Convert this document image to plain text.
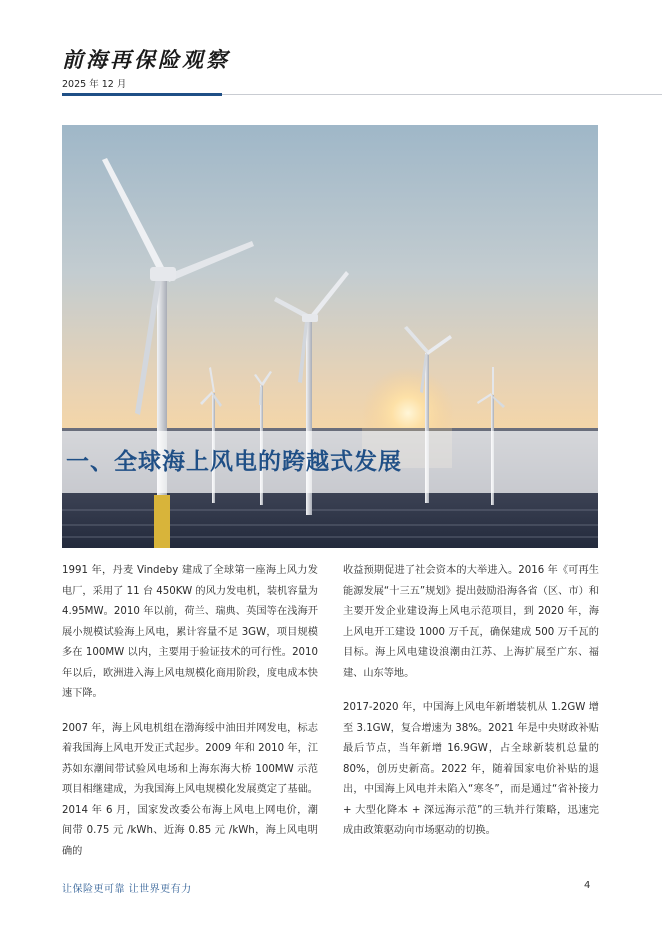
前海再保险观察
2025 年 12 月
一、全球海上风电的跨越式发展

1991 年，丹麦 Vindeby 建成了全球第一座海上风力发电厂，采用了 11 台 450KW 的风力发电机，装机容量为 4.95MW。2010 年以前，荷兰、瑞典、英国等在浅海开展小规模试验海上风电，累计容量不足 3GW，项目规模多在 100MW 以内，主要用于验证技术的可行性。2010 年以后，欧洲进入海上风电规模化商用阶段，度电成本快速下降。

2007 年，海上风电机组在渤海绥中油田并网发电，标志着我国海上风电开发正式起步。2009 年和 2010 年，江苏如东潮间带试验风电场和上海东海大桥 100MW 示范项目相继建成，为我国海上风电规模化发展奠定了基础。2014 年 6 月，国家发改委公布海上风电上网电价，潮间带 0.75 元 /kWh、近海 0.85 元 /kWh，海上风电明确的

收益预期促进了社会资本的大举进入。2016 年《可再生能源发展“十三五”规划》提出鼓励沿海各省（区、市）和主要开发企业建设海上风电示范项目，到 2020 年，海上风电开工建设 1000 万千瓦，确保建成 500 万千瓦的目标。海上风电建设浪潮由江苏、上海扩展至广东、福建、山东等地。

2017-2020 年，中国海上风电年新增装机从 1.2GW 增至 3.1GW，复合增速为 38%。2021 年是中央财政补贴最后节点，当年新增 16.9GW，占全球新装机总量的 80%，创历史新高。2022 年，随着国家电价补贴的退出，中国海上风电并未陷入“寒冬”，而是通过“省补接力 + 大型化降本 + 深远海示范”的三轨并行策略，迅速完成由政策驱动向市场驱动的切换。

让保险更可靠 让世界更有力	4
